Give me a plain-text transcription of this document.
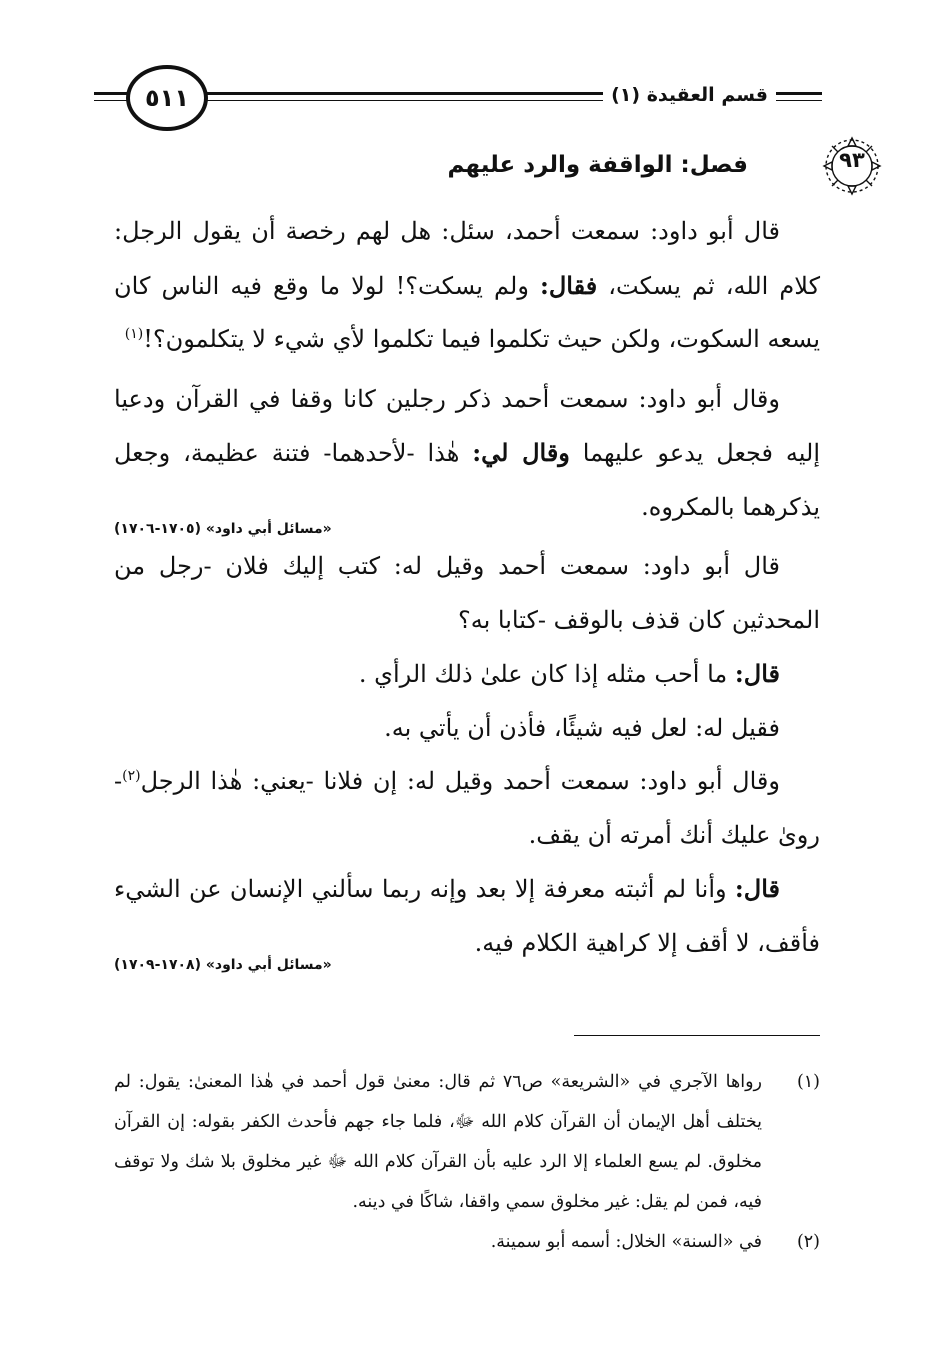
قسم العقيدة (١)
٥١١
٩٣
فصل: الواقفة والرد عليهم

قال أبو داود: سمعت أحمد، سئل: هل لهم رخصة أن يقول الرجل: كلام الله، ثم يسكت، فقال: ولم يسكت؟! لولا ما وقع فيه الناس كان يسعه السكوت، ولكن حيث تكلموا فيما تكلموا لأي شيء لا يتكلمون؟!$^{(١)}$

وقال أبو داود: سمعت أحمد ذكر رجلين كانا وقفا في القرآن ودعيا إليه فجعل يدعو عليهما وقال لي: هٰذا -لأحدهما- فتنة عظيمة، وجعل يذكرهما بالمكروه.

«مسائل أبي داود» (١٧٠٥-١٧٠٦)

قال أبو داود: سمعت أحمد وقيل له: كتب إليك فلان -رجل من المحدثين كان قذف بالوقف -كتابا به؟

قال: ما أحب مثله إذا كان علىٰ ذلك الرأي .

فقيل له: لعل فيه شيئًا، فأذن أن يأتي به.

وقال أبو داود: سمعت أحمد وقيل له: إن فلانا -يعني: هٰذا الرجل$^{(٢)}$- رویٰ عليك أنك أمرته أن يقف.

قال: وأنا لم أثبته معرفة إلا بعد وإنه ربما سألني الإنسان عن الشيء فأقف، لا أقف إلا كراهية الكلام فيه.

«مسائل أبي داود» (١٧٠٨-١٧٠٩)

(١)
رواها الآجري في «الشريعة» ص٧٦ ثم قال: معنىٰ قول أحمد في هٰذا المعنىٰ: يقول: لم يختلف أهل الإيمان أن القرآن كلام الله ﷻ، فلما جاء جهم فأحدث الكفر بقوله: إن القرآن مخلوق. لم يسع العلماء إلا الرد عليه بأن القرآن كلام الله ﷻ غير مخلوق بلا شك ولا توقف فيه، فمن لم يقل: غير مخلوق سمي واقفا، شاكًا في دينه.

(٢)
في «السنة» الخلال: أسمه أبو سمينة.
